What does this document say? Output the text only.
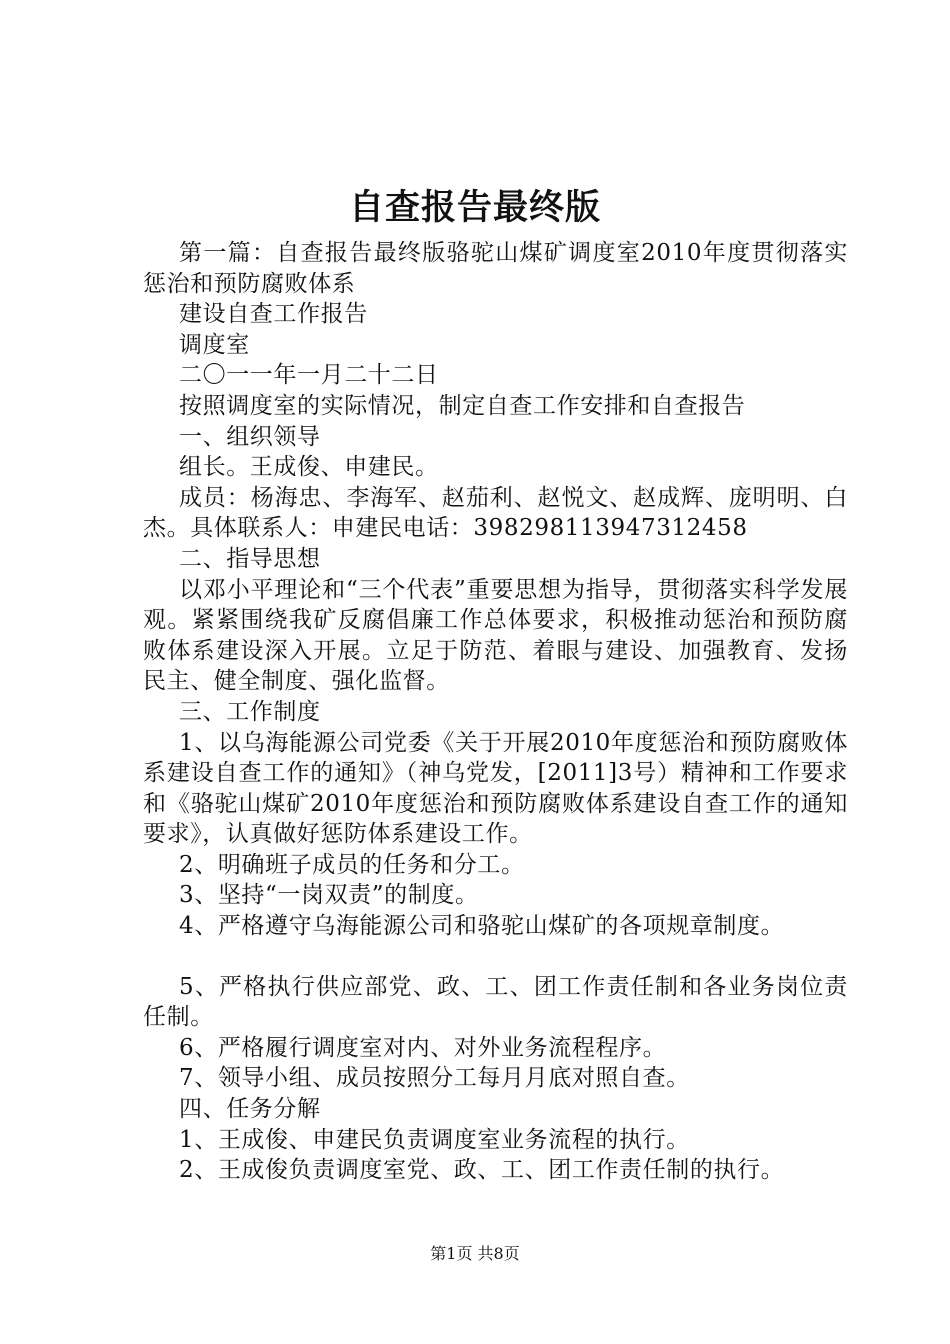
自查报告最终版

第一篇：自查报告最终版骆驼山煤矿调度室2010年度贯彻落实惩治和预防腐败体系

建设自查工作报告

调度室

二〇一一年一月二十二日

按照调度室的实际情况，制定自查工作安排和自查报告

一、组织领导

组长。王成俊、申建民。

成员：杨海忠、李海军、赵茄利、赵悦文、赵成辉、庞明明、白杰。具体联系人：申建民电话：398298113947312458

二、指导思想

以邓小平理论和“三个代表”重要思想为指导，贯彻落实科学发展观。紧紧围绕我矿反腐倡廉工作总体要求，积极推动惩治和预防腐败体系建设深入开展。立足于防范、着眼与建设、加强教育、发扬民主、健全制度、强化监督。

三、工作制度

1、以乌海能源公司党委《关于开展2010年度惩治和预防腐败体系建设自查工作的通知》（神乌党发，[2011]3号）精神和工作要求和《骆驼山煤矿2010年度惩治和预防腐败体系建设自查工作的通知要求》，认真做好惩防体系建设工作。

2、明确班子成员的任务和分工。

3、坚持“一岗双责”的制度。

4、严格遵守乌海能源公司和骆驼山煤矿的各项规章制度。

5、严格执行供应部党、政、工、团工作责任制和各业务岗位责任制。

6、严格履行调度室对内、对外业务流程程序。

7、领导小组、成员按照分工每月月底对照自查。

四、任务分解

1、王成俊、申建民负责调度室业务流程的执行。

2、王成俊负责调度室党、政、工、团工作责任制的执行。

第1页 共8页
